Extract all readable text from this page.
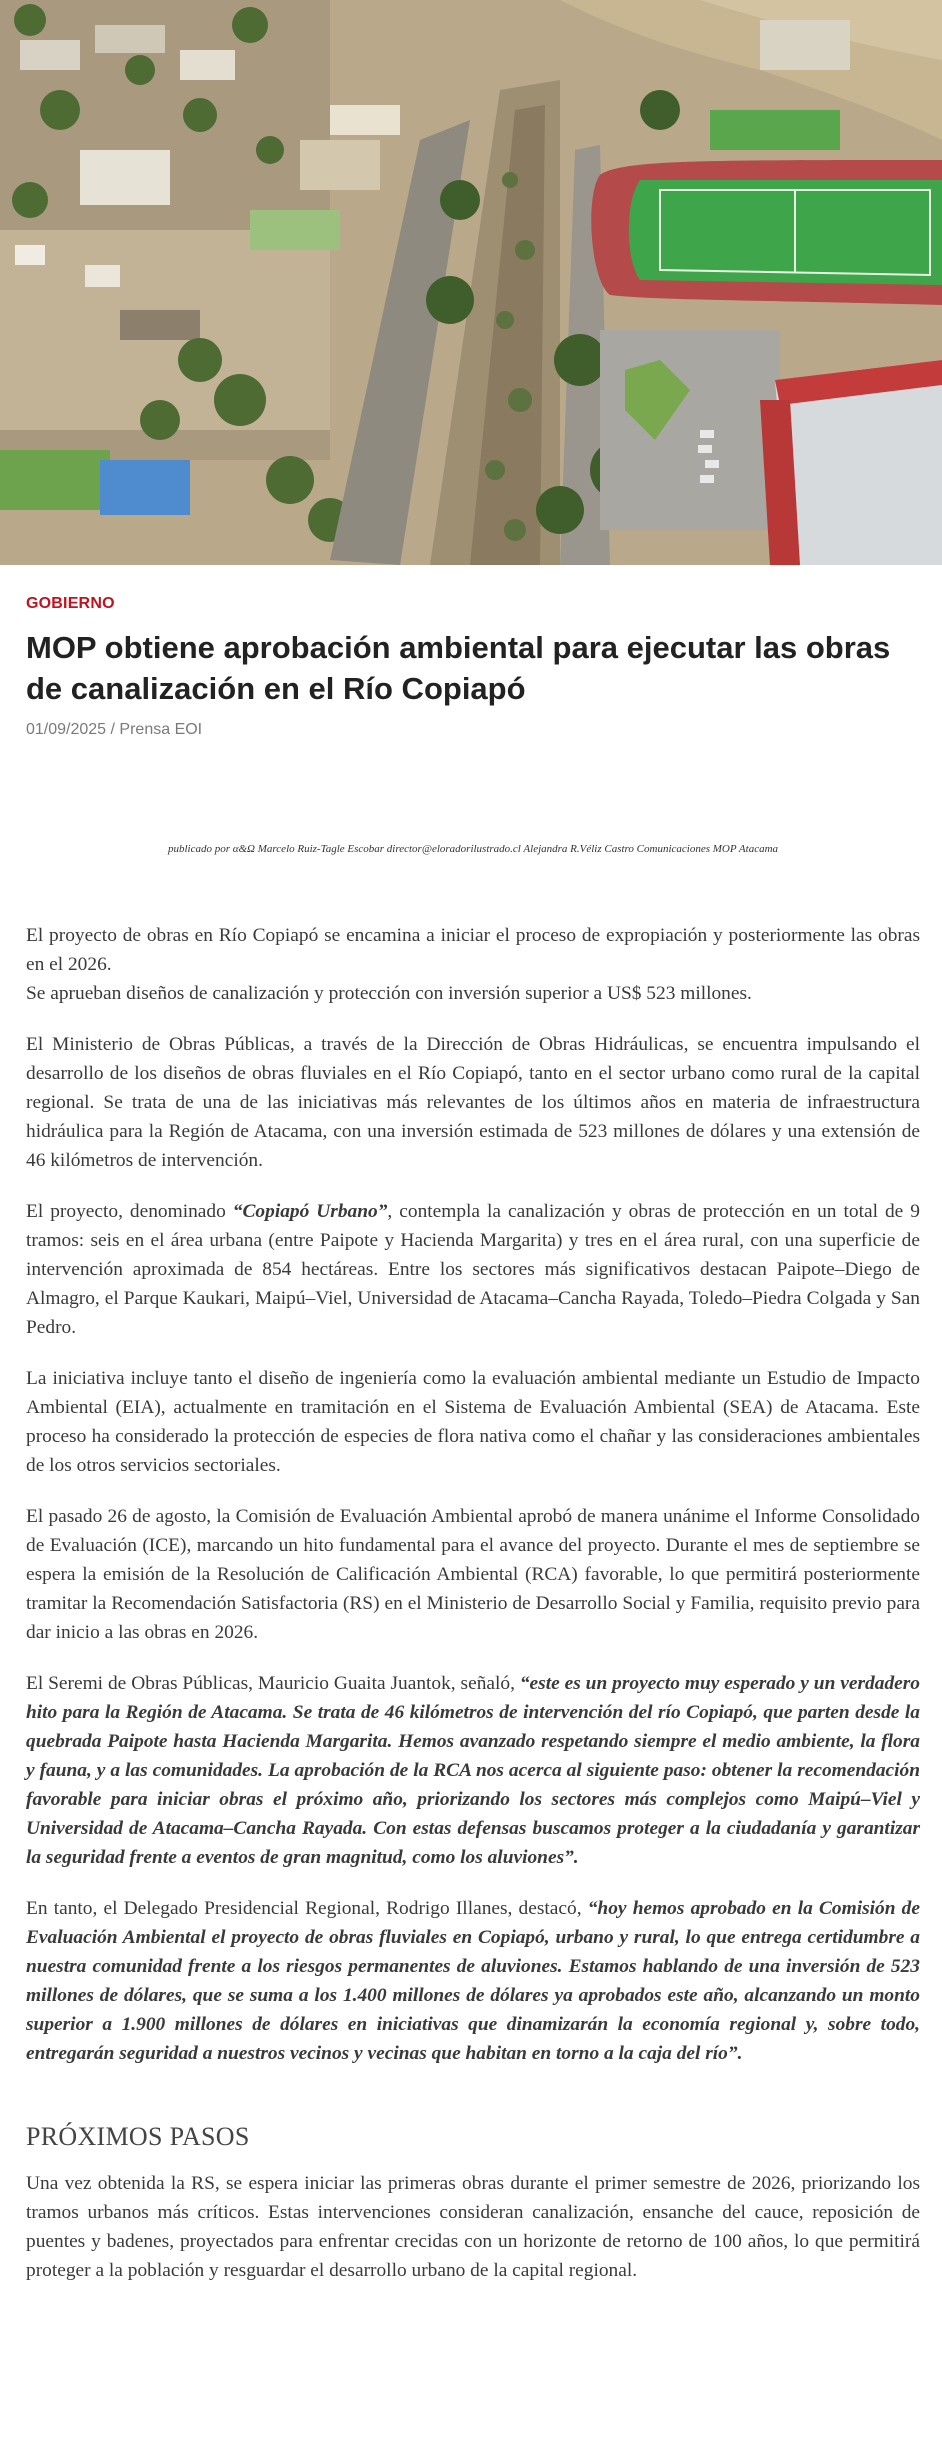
GOBIERNO
MOP obtiene aprobación ambiental para ejecutar las obras de canalización en el Río Copiapó
01/09/2025 / Prensa EOI
publicado por α&Ω Marcelo Ruiz-Tagle Escobar director@eloradorilustrado.cl Alejandra R.Véliz Castro Comunicaciones MOP Atacama

El proyecto de obras en Río Copiapó se encamina a iniciar el proceso de expropiación y posteriormente las obras en el 2026.
Se aprueban diseños de canalización y protección con inversión superior a US$ 523 millones.

El Ministerio de Obras Públicas, a través de la Dirección de Obras Hidráulicas, se encuentra impulsando el desarrollo de los diseños de obras fluviales en el Río Copiapó, tanto en el sector urbano como rural de la capital regional. Se trata de una de las iniciativas más relevantes de los últimos años en materia de infraestructura hidráulica para la Región de Atacama, con una inversión estimada de 523 millones de dólares y una extensión de 46 kilómetros de intervención.

El proyecto, denominado “Copiapó Urbano”, contempla la canalización y obras de protección en un total de 9 tramos: seis en el área urbana (entre Paipote y Hacienda Margarita) y tres en el área rural, con una superficie de intervención aproximada de 854 hectáreas. Entre los sectores más significativos destacan Paipote–Diego de Almagro, el Parque Kaukari, Maipú–Viel, Universidad de Atacama–Cancha Rayada, Toledo–Piedra Colgada y San Pedro.

La iniciativa incluye tanto el diseño de ingeniería como la evaluación ambiental mediante un Estudio de Impacto Ambiental (EIA), actualmente en tramitación en el Sistema de Evaluación Ambiental (SEA) de Atacama. Este proceso ha considerado la protección de especies de flora nativa como el chañar y las consideraciones ambientales de los otros servicios sectoriales.

El pasado 26 de agosto, la Comisión de Evaluación Ambiental aprobó de manera unánime el Informe Consolidado de Evaluación (ICE), marcando un hito fundamental para el avance del proyecto. Durante el mes de septiembre se espera la emisión de la Resolución de Calificación Ambiental (RCA) favorable, lo que permitirá posteriormente tramitar la Recomendación Satisfactoria (RS) en el Ministerio de Desarrollo Social y Familia, requisito previo para dar inicio a las obras en 2026.

El Seremi de Obras Públicas, Mauricio Guaita Juantok, señaló, “este es un proyecto muy esperado y un verdadero hito para la Región de Atacama. Se trata de 46 kilómetros de intervención del río Copiapó, que parten desde la quebrada Paipote hasta Hacienda Margarita. Hemos avanzado respetando siempre el medio ambiente, la flora y fauna, y a las comunidades. La aprobación de la RCA nos acerca al siguiente paso: obtener la recomendación favorable para iniciar obras el próximo año, priorizando los sectores más complejos como Maipú–Viel y Universidad de Atacama–Cancha Rayada. Con estas defensas buscamos proteger a la ciudadanía y garantizar la seguridad frente a eventos de gran magnitud, como los aluviones”.

En tanto, el Delegado Presidencial Regional, Rodrigo Illanes, destacó, “hoy hemos aprobado en la Comisión de Evaluación Ambiental el proyecto de obras fluviales en Copiapó, urbano y rural, lo que entrega certidumbre a nuestra comunidad frente a los riesgos permanentes de aluviones. Estamos hablando de una inversión de 523 millones de dólares, que se suma a los 1.400 millones de dólares ya aprobados este año, alcanzando un monto superior a 1.900 millones de dólares en iniciativas que dinamizarán la economía regional y, sobre todo, entregarán seguridad a nuestros vecinos y vecinas que habitan en torno a la caja del río”.

PRÓXIMOS PASOS

Una vez obtenida la RS, se espera iniciar las primeras obras durante el primer semestre de 2026, priorizando los tramos urbanos más críticos. Estas intervenciones consideran canalización, ensanche del cauce, reposición de puentes y badenes, proyectados para enfrentar crecidas con un horizonte de retorno de 100 años, lo que permitirá proteger a la población y resguardar el desarrollo urbano de la capital regional.
